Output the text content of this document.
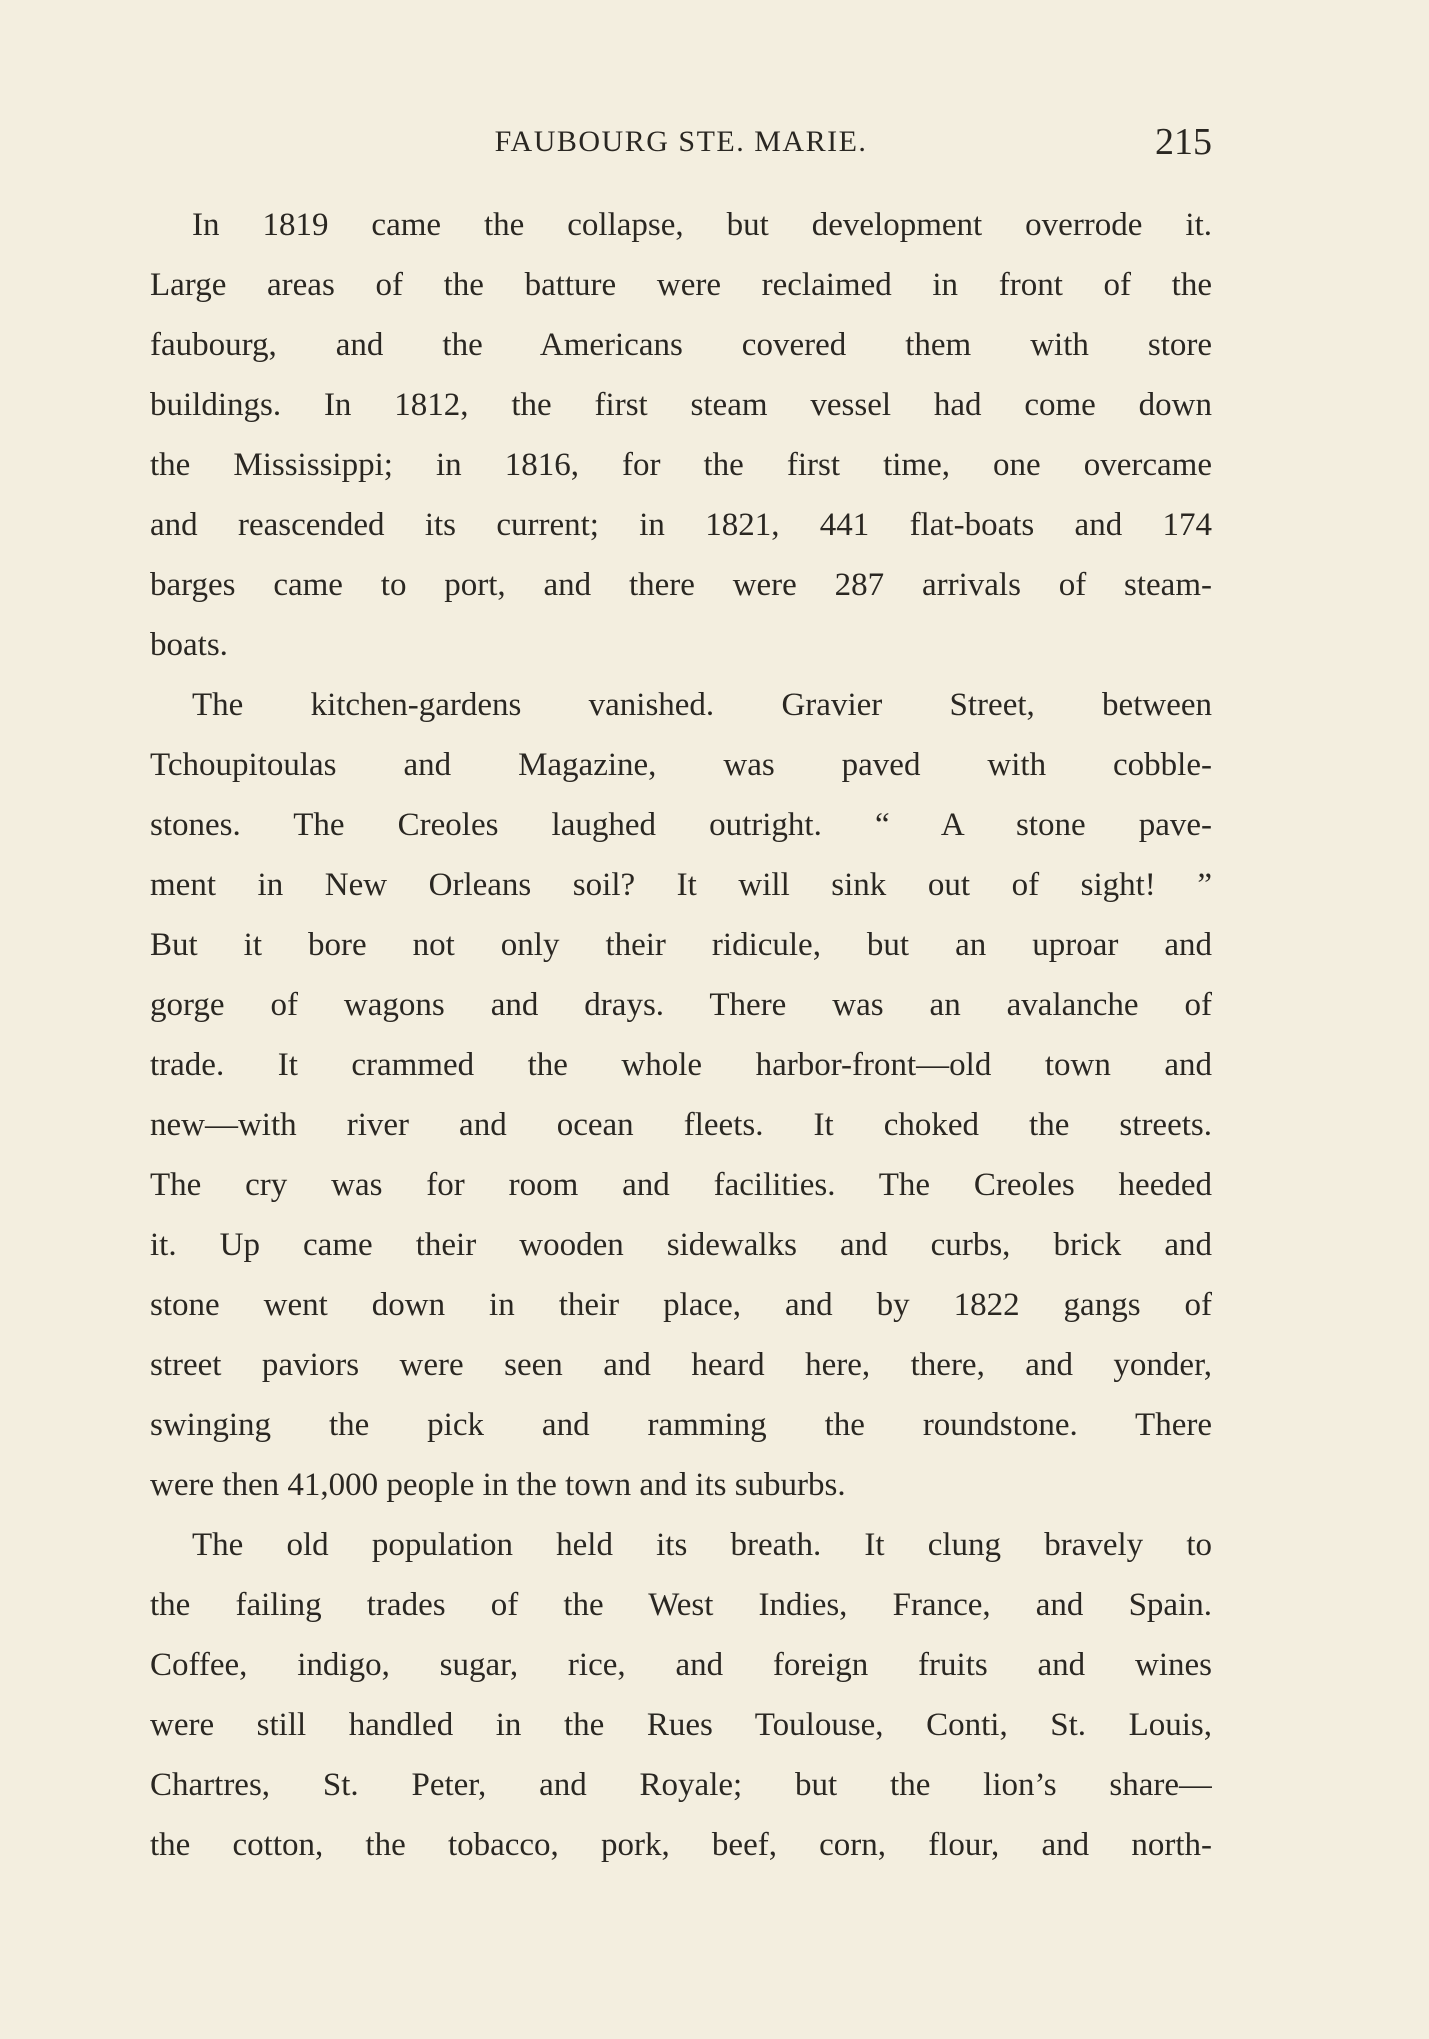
FAUBOURG STE. MARIE.	215
In 1819 came the collapse, but development overrode it.
Large areas of the batture were reclaimed in front of the
faubourg, and the Americans covered them with store
buildings. In 1812, the first steam vessel had come down
the Mississippi; in 1816, for the first time, one overcame
and reascended its current; in 1821, 441 flat-boats and 174
barges came to port, and there were 287 arrivals of steam-
boats.
The kitchen-gardens vanished. Gravier Street, between
Tchoupitoulas and Magazine, was paved with cobble-
stones. The Creoles laughed outright. “ A stone pave-
ment in New Orleans soil? It will sink out of sight! ”
But it bore not only their ridicule, but an uproar and
gorge of wagons and drays. There was an avalanche of
trade. It crammed the whole harbor-front—old town and
new—with river and ocean fleets. It choked the streets.
The cry was for room and facilities. The Creoles heeded
it. Up came their wooden sidewalks and curbs, brick and
stone went down in their place, and by 1822 gangs of
street paviors were seen and heard here, there, and yonder,
swinging the pick and ramming the roundstone. There
were then 41,000 people in the town and its suburbs.
The old population held its breath. It clung bravely to
the failing trades of the West Indies, France, and Spain.
Coffee, indigo, sugar, rice, and foreign fruits and wines
were still handled in the Rues Toulouse, Conti, St. Louis,
Chartres, St. Peter, and Royale; but the lion’s share—
the cotton, the tobacco, pork, beef, corn, flour, and north-
